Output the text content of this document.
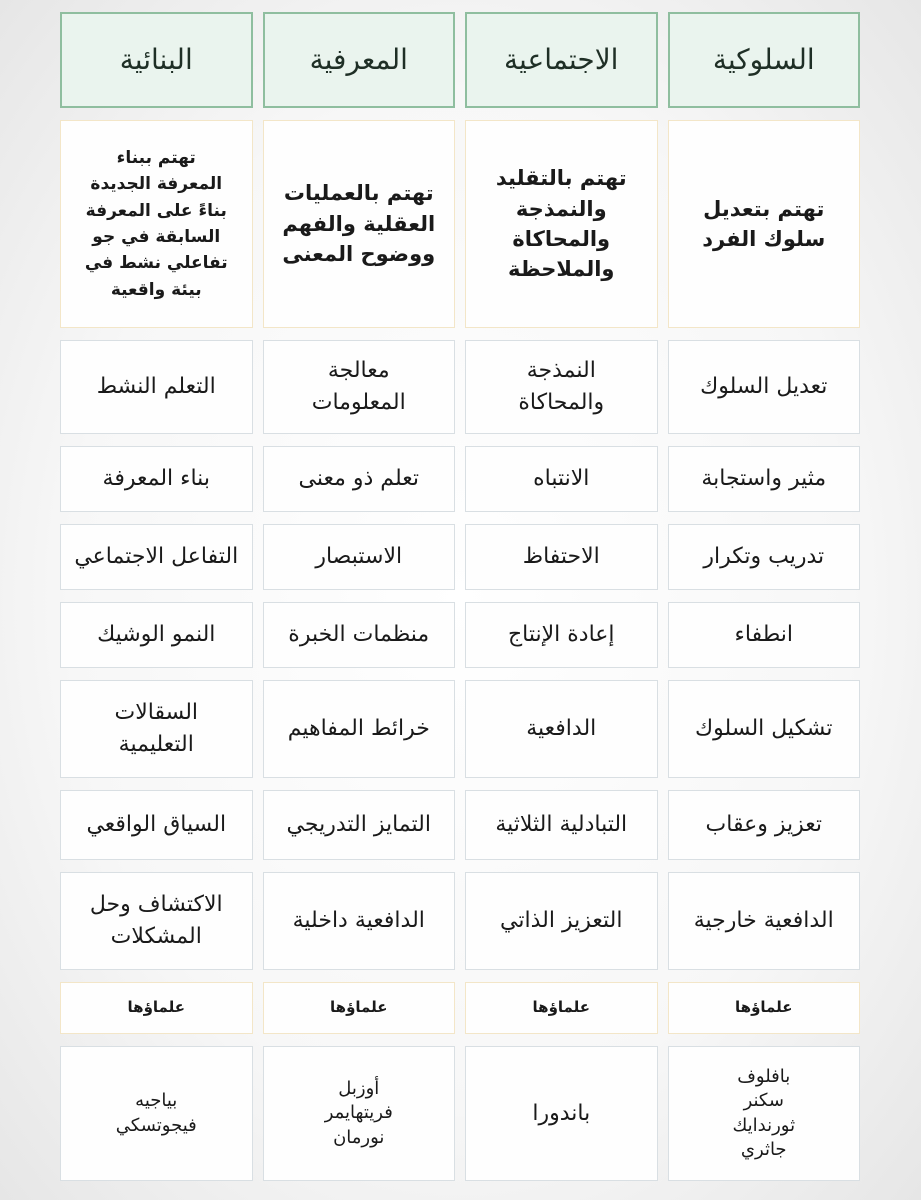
السلوكية
الاجتماعية
المعرفية
البنائية
تهتم بتعديل
سلوك الفرد
تهتم بالتقليد
والنمذجة
والمحاكاة
والملاحظة
تهتم بالعمليات
العقلية والفهم
ووضوح المعنى
تهتم ببناء
المعرفة الجديدة
بناءً على المعرفة
السابقة في جو
تفاعلي نشط في
بيئة واقعية
تعديل السلوك
النمذجة
والمحاكاة
معالجة
المعلومات
التعلم النشط
مثير واستجابة
الانتباه
تعلم ذو معنى
بناء المعرفة
تدريب وتكرار
الاحتفاظ
الاستبصار
التفاعل الاجتماعي
انطفاء
إعادة الإنتاج
منظمات الخبرة
النمو الوشيك
تشكيل السلوك
الدافعية
خرائط المفاهيم
السقالات
التعليمية
تعزيز وعقاب
التبادلية الثلاثية
التمايز التدريجي
السياق الواقعي
الدافعية خارجية
التعزيز الذاتي
الدافعية داخلية
الاكتشاف وحل
المشكلات
علماؤها
علماؤها
علماؤها
علماؤها
بافلوف
سكنر
ثورندايك
جاثري
باندورا
أوزبل
فريتهايمر
نورمان
بياجيه
فيجوتسكي
